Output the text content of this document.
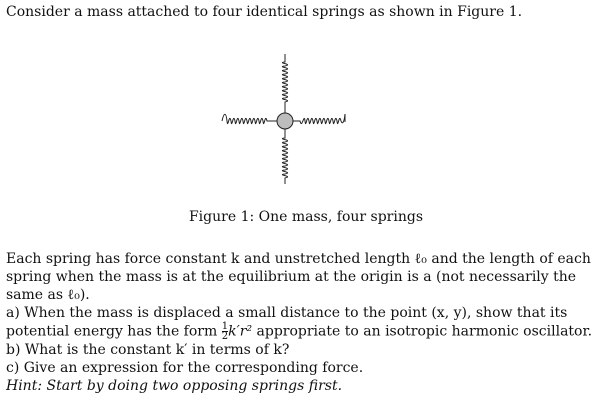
Consider a mass attached to four identical springs as shown in Figure 1.
Figure 1: One mass, four springs

Each spring has force constant k and unstretched length ℓ₀ and the length of each spring when the mass is at the equilibrium at the origin is a (not necessarily the same as ℓ₀).

a) When the mass is displaced a small distance to the point (x, y), show that its potential energy has the form $\frac{1}{2} k'r^2$ appropriate to an isotropic harmonic oscillator.

b) What is the constant k′ in terms of k?

c) Give an expression for the corresponding force.

Hint: Start by doing two opposing springs first.
